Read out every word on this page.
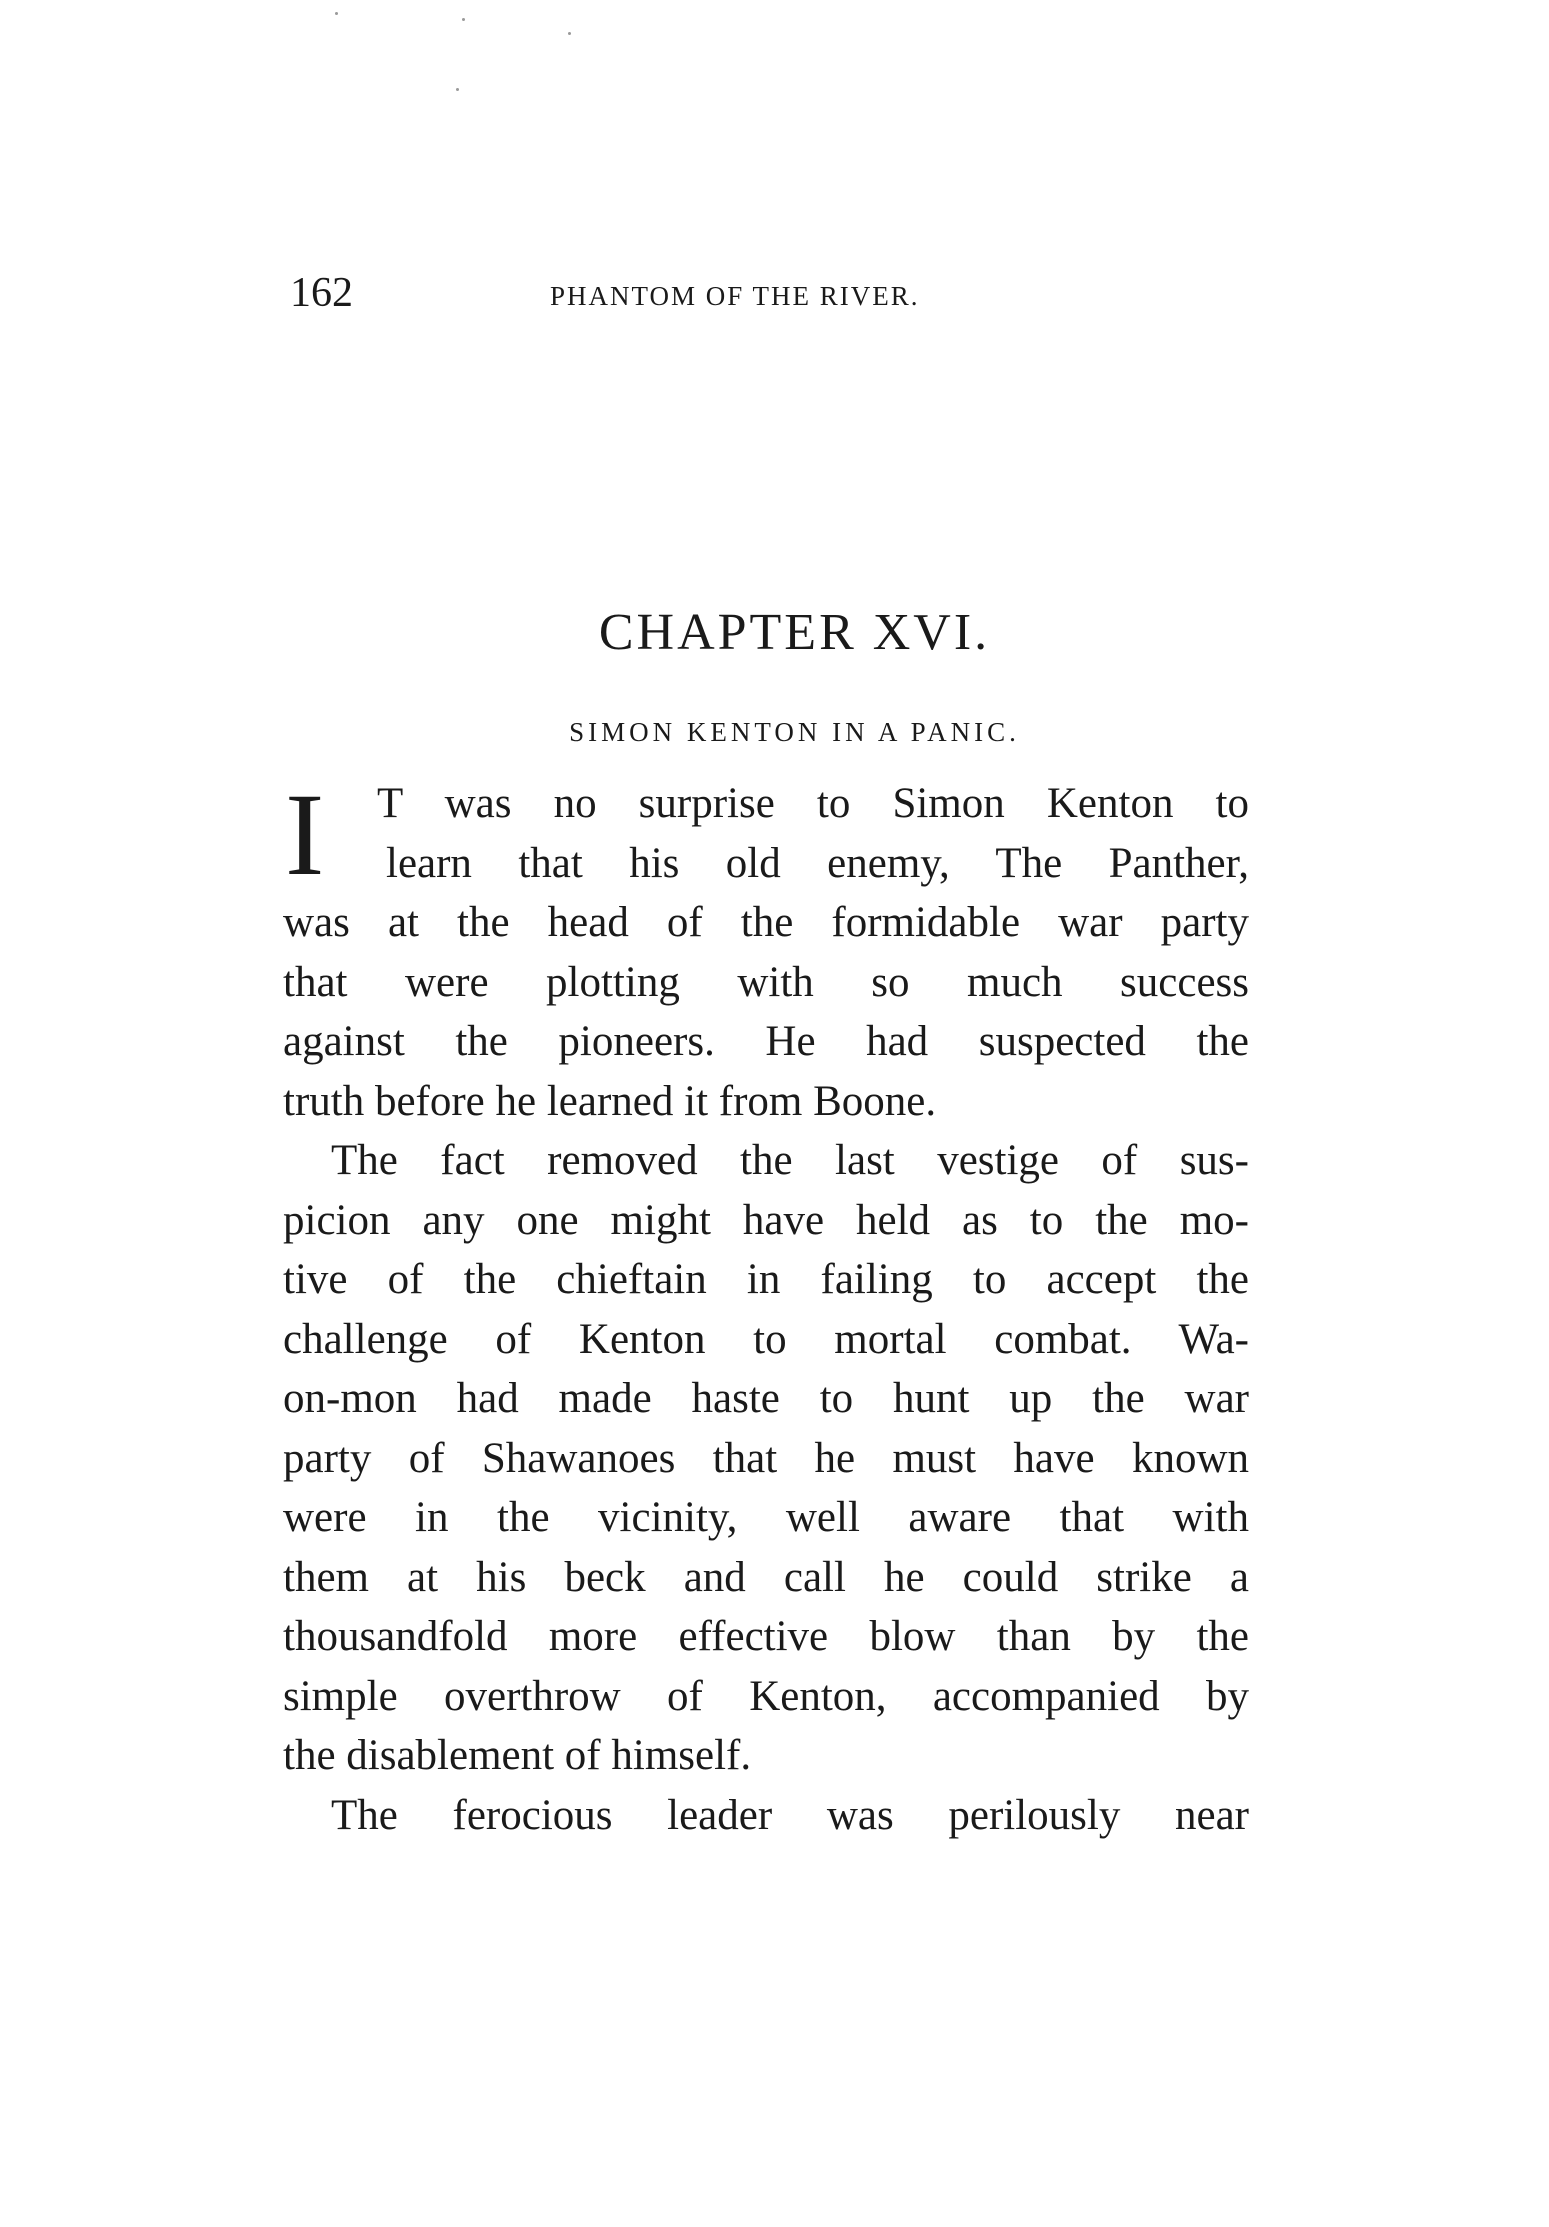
162	PHANTOM OF THE RIVER.
CHAPTER XVI.
SIMON KENTON IN A PANIC.
I	T was no surprise to Simon Kenton to
learn that his old enemy, The Panther,
was at the head of the formidable war party
that were plotting with so much success
against the pioneers. He had suspected the
truth before he learned it from Boone.
The fact removed the last vestige of sus-
picion any one might have held as to the mo-
tive of the chieftain in failing to accept the
challenge of Kenton to mortal combat. Wa-
on-mon had made haste to hunt up the war
party of Shawanoes that he must have known
were in the vicinity, well aware that with
them at his beck and call he could strike a
thousandfold more effective blow than by the
simple overthrow of Kenton, accompanied by
the disablement of himself.
The ferocious leader was perilously near
